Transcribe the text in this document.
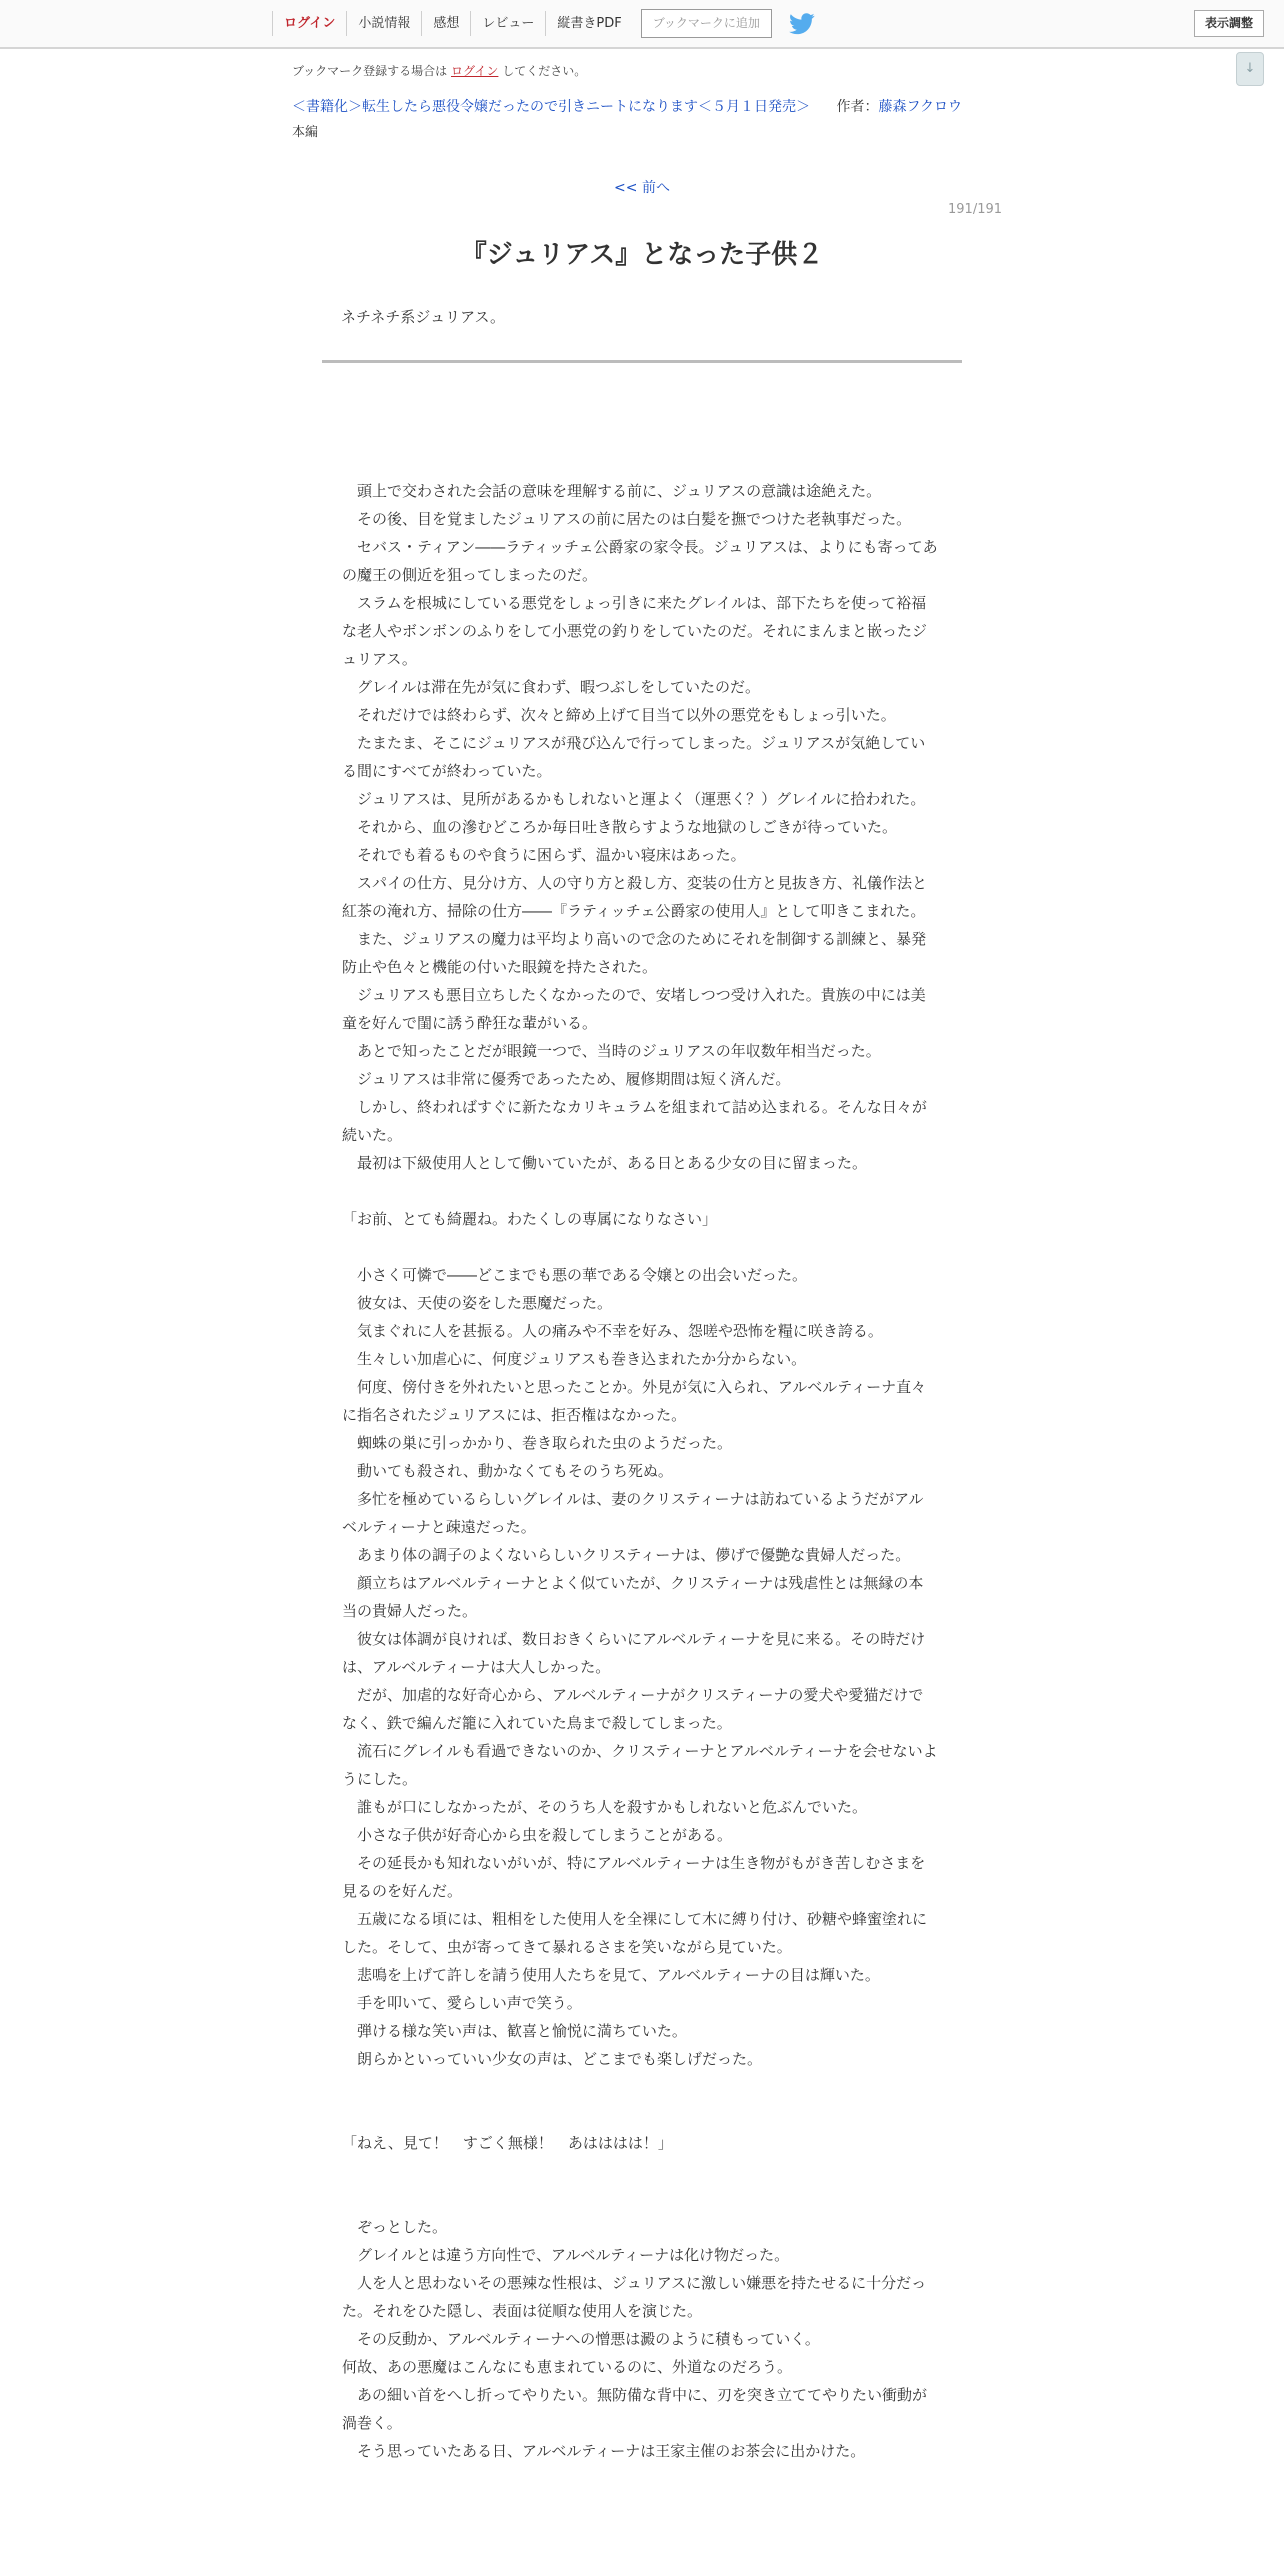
ログイン	小説情報	感想	レビュー	縦書きPDF	ブックマークに追加	表示調整
↓
ブックマーク登録する場合は ログイン してください。
＜書籍化＞転生したら悪役令嬢だったので引きニートになります＜５月１日発売＞ 作者：藤森フクロウ
本編
<< 前へ
191/191
『ジュリアス』となった子供２
ネチネチ系ジュリアス。

　頭上で交わされた会話の意味を理解する前に、ジュリアスの意識は途絶えた。

　その後、目を覚ましたジュリアスの前に居たのは白髪を撫でつけた老執事だった。

　セバス・ティアン――ラティッチェ公爵家の家令長。ジュリアスは、よりにも寄ってあの魔王の側近を狙ってしまったのだ。

　スラムを根城にしている悪党をしょっ引きに来たグレイルは、部下たちを使って裕福な老人やボンボンのふりをして小悪党の釣りをしていたのだ。それにまんまと嵌ったジュリアス。

　グレイルは滞在先が気に食わず、暇つぶしをしていたのだ。

　それだけでは終わらず、次々と締め上げて目当て以外の悪党をもしょっ引いた。

　たまたま、そこにジュリアスが飛び込んで行ってしまった。ジュリアスが気絶している間にすべてが終わっていた。

　ジュリアスは、見所があるかもしれないと運よく（運悪く？）グレイルに拾われた。

　それから、血の滲むどころか毎日吐き散らすような地獄のしごきが待っていた。

　それでも着るものや食うに困らず、温かい寝床はあった。

　スパイの仕方、見分け方、人の守り方と殺し方、変装の仕方と見抜き方、礼儀作法と紅茶の淹れ方、掃除の仕方――『ラティッチェ公爵家の使用人』として叩きこまれた。

　また、ジュリアスの魔力は平均より高いので念のためにそれを制御する訓練と、暴発防止や色々と機能の付いた眼鏡を持たされた。

　ジュリアスも悪目立ちしたくなかったので、安堵しつつ受け入れた。貴族の中には美童を好んで閨に誘う酔狂な輩がいる。

　あとで知ったことだが眼鏡一つで、当時のジュリアスの年収数年相当だった。

　ジュリアスは非常に優秀であったため、履修期間は短く済んだ。

　しかし、終わればすぐに新たなカリキュラムを組まれて詰め込まれる。そんな日々が続いた。

　最初は下級使用人として働いていたが、ある日とある少女の目に留まった。

「お前、とても綺麗ね。わたくしの専属になりなさい」

　小さく可憐で――どこまでも悪の華である令嬢との出会いだった。

　彼女は、天使の姿をした悪魔だった。

　気まぐれに人を甚振る。人の痛みや不幸を好み、怨嗟や恐怖を糧に咲き誇る。

　生々しい加虐心に、何度ジュリアスも巻き込まれたか分からない。

　何度、傍付きを外れたいと思ったことか。外見が気に入られ、アルベルティーナ直々に指名されたジュリアスには、拒否権はなかった。

　蜘蛛の巣に引っかかり、巻き取られた虫のようだった。

　動いても殺され、動かなくてもそのうち死ぬ。

　多忙を極めているらしいグレイルは、妻のクリスティーナは訪ねているようだがアルベルティーナと疎遠だった。

　あまり体の調子のよくないらしいクリスティーナは、儚げで優艶な貴婦人だった。

　顔立ちはアルベルティーナとよく似ていたが、クリスティーナは残虐性とは無縁の本当の貴婦人だった。

　彼女は体調が良ければ、数日おきくらいにアルベルティーナを見に来る。その時だけは、アルベルティーナは大人しかった。

　だが、加虐的な好奇心から、アルベルティーナがクリスティーナの愛犬や愛猫だけでなく、鉄で編んだ籠に入れていた鳥まで殺してしまった。

　流石にグレイルも看過できないのか、クリスティーナとアルベルティーナを会せないようにした。

　誰もが口にしなかったが、そのうち人を殺すかもしれないと危ぶんでいた。

　小さな子供が好奇心から虫を殺してしまうことがある。

　その延長かも知れないがいが、特にアルベルティーナは生き物がもがき苦しむさまを見るのを好んだ。

　五歳になる頃には、粗相をした使用人を全裸にして木に縛り付け、砂糖や蜂蜜塗れにした。そして、虫が寄ってきて暴れるさまを笑いながら見ていた。

　悲鳴を上げて許しを請う使用人たちを見て、アルベルティーナの目は輝いた。

　手を叩いて、愛らしい声で笑う。

　弾ける様な笑い声は、歓喜と愉悦に満ちていた。

　朗らかといっていい少女の声は、どこまでも楽しげだった。

「ねえ、見て！　すごく無様！　あはははは！」

　ぞっとした。

　グレイルとは違う方向性で、アルベルティーナは化け物だった。

　人を人と思わないその悪辣な性根は、ジュリアスに激しい嫌悪を持たせるに十分だった。それをひた隠し、表面は従順な使用人を演じた。

　その反動か、アルベルティーナへの憎悪は澱のように積もっていく。

何故、あの悪魔はこんなにも恵まれているのに、外道なのだろう。

　あの細い首をへし折ってやりたい。無防備な背中に、刃を突き立ててやりたい衝動が渦巻く。

　そう思っていたある日、アルベルティーナは王家主催のお茶会に出かけた。
